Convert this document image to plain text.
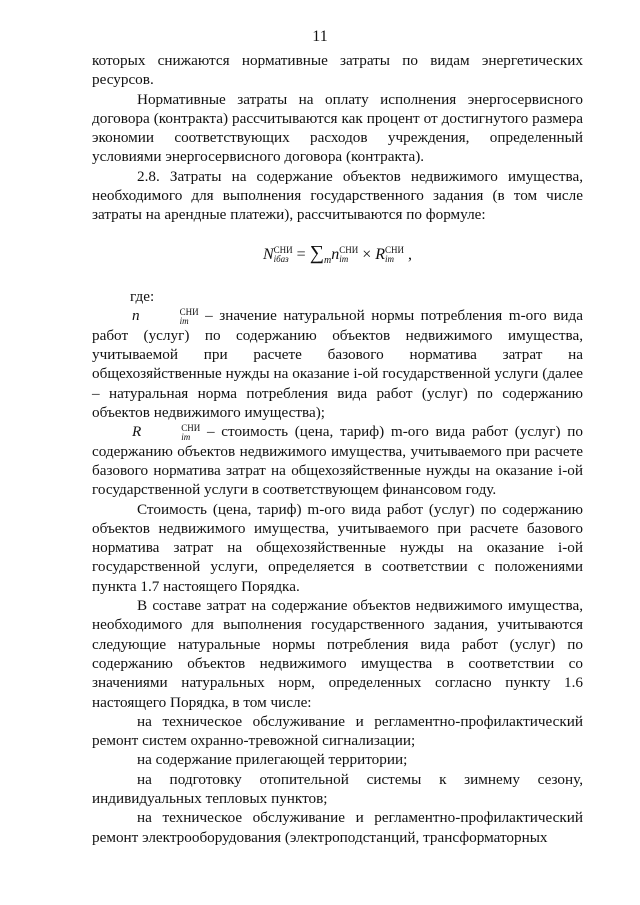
11

которых снижаются нормативные затраты по видам энергетических ресурсов.

Нормативные затраты на оплату исполнения энергосервисного договора (контракта) рассчитываются как процент от достигнутого размера экономии соответствующих расходов учреждения, определенный условиями энергосервисного договора (контракта).

2.8. Затраты на содержание объектов недвижимого имущества, необходимого для выполнения государственного задания (в том числе затраты на арендные платежи), рассчитываются по формуле:

N СНИ
iбаз = $\sum_mn$ СНИ
im × R СНИ
im ,

где:

n	СНИ
im – значение натуральной нормы потребления m-ого вида работ (услуг) по содержанию объектов недвижимого имущества, учитываемой при расчете базового норматива затрат на общехозяйственные нужды на оказание i-ой государственной услуги (далее – натуральная норма потребления вида работ (услуг) по содержанию объектов недвижимого имущества);

R	СНИ
im – стоимость (цена, тариф) m-ого вида работ (услуг) по содержанию объектов недвижимого имущества, учитываемого при расчете базового норматива затрат на общехозяйственные нужды на оказание i-ой государственной услуги в соответствующем финансовом году.

Стоимость (цена, тариф) m-ого вида работ (услуг) по содержанию объектов недвижимого имущества, учитываемого при расчете базового норматива затрат на общехозяйственные нужды на оказание i-ой государственной услуги, определяется в соответствии с положениями пункта 1.7 настоящего Порядка.

В составе затрат на содержание объектов недвижимого имущества, необходимого для выполнения государственного задания, учитываются следующие натуральные нормы потребления вида работ (услуг) по содержанию объектов недвижимого имущества в соответствии со значениями натуральных норм, определенных согласно пункту 1.6 настоящего Порядка, в том числе:

на техническое обслуживание и регламентно-профилактический ремонт систем охранно-тревожной сигнализации;

на содержание прилегающей территории;

на подготовку отопительной системы к зимнему сезону, индивидуальных тепловых пунктов;

на техническое обслуживание и регламентно-профилактический ремонт электрооборудования (электроподстанций, трансформаторных
